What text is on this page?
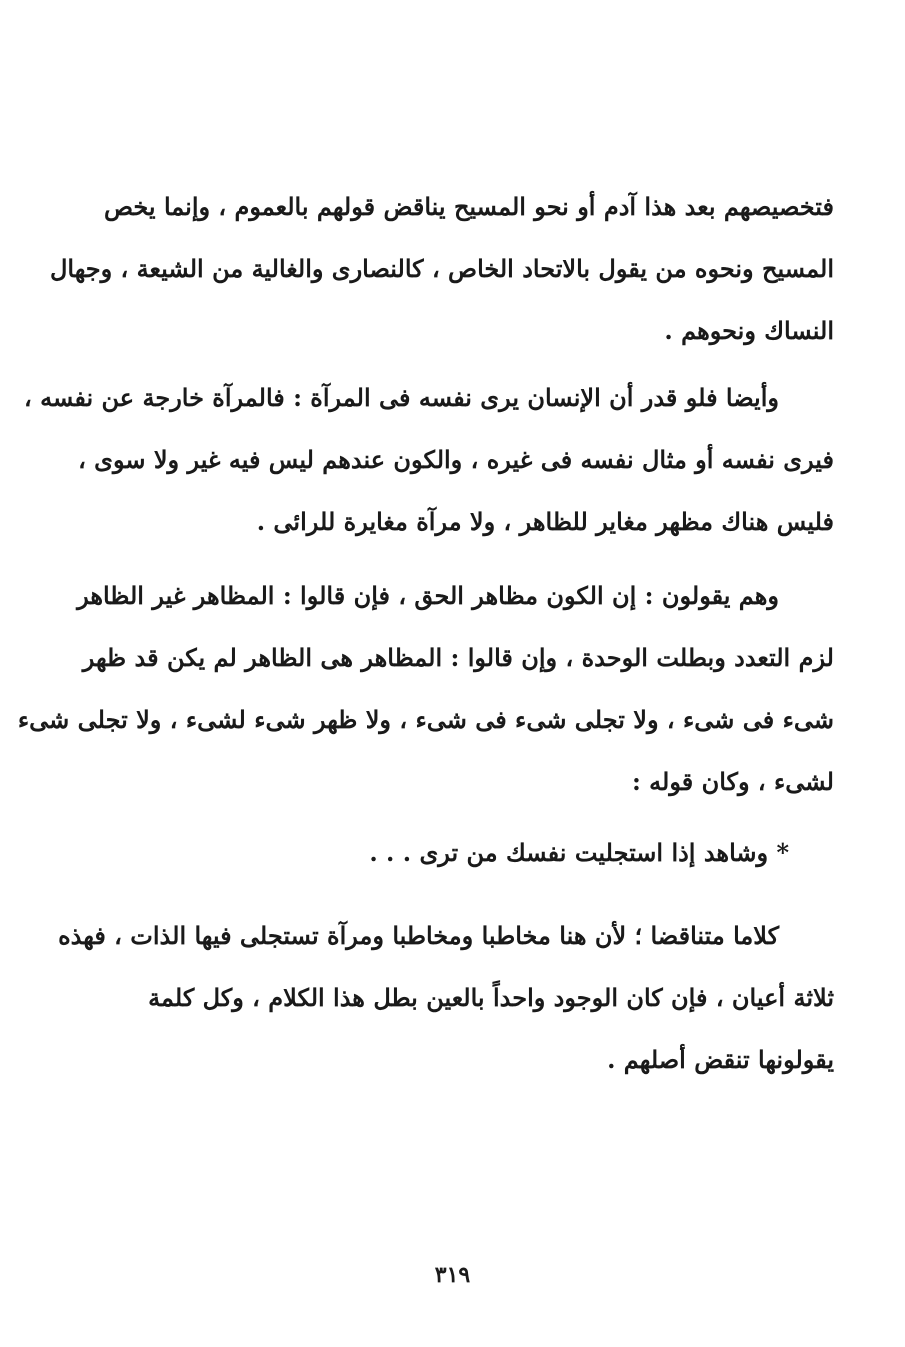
فتخصيصهم بعد هذا آدم أو نحو المسيح يناقض قولهم بالعموم ، وإنما يخص
المسيح ونحوه من يقول بالاتحاد الخاص ، كالنصارى والغالية من الشيعة ، وجهال
النساك ونحوهم .
وأيضا فلو قدر أن الإنسان يرى نفسه فى المرآة : فالمرآة خارجة عن نفسه ،
فيرى نفسه أو مثال نفسه فى غيره ، والكون عندهم ليس فيه غير ولا سوى ،
فليس هناك مظهر مغاير للظاهر ، ولا مرآة مغايرة للرائى .
وهم يقولون : إن الكون مظاهر الحق ، فإن قالوا : المظاهر غير الظاهر
لزم التعدد وبطلت الوحدة ، وإن قالوا : المظاهر هى الظاهر لم يكن قد ظهر
شىء فى شىء ، ولا تجلى شىء فى شىء ، ولا ظهر شىء لشىء ، ولا تجلى شىء
لشىء ، وكان قوله :
* وشاهد إذا استجليت نفسك من ترى . . .
كلاما متناقضا ؛ لأن هنا مخاطبا ومخاطبا ومرآة تستجلى فيها الذات ، فهذه
ثلاثة أعيان ، فإن كان الوجود واحداً بالعين بطل هذا الكلام ، وكل كلمة
يقولونها تنقض أصلهم .
٣١٩
